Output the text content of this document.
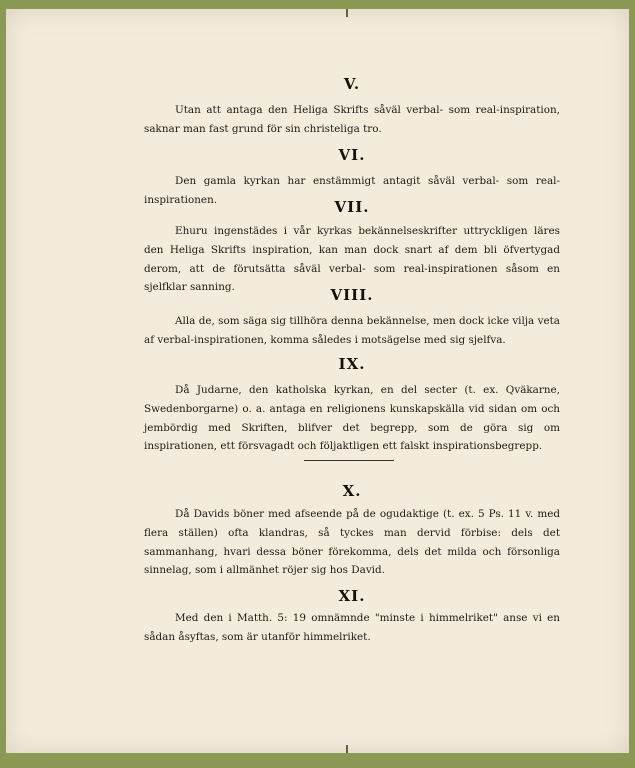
V.
Utan att antaga den Heliga Skrifts såväl verbal- som real-inspiration, saknar man fast grund för sin christeliga tro.
VI.
Den gamla kyrkan har enstämmigt antagit såväl verbal- som real-inspirationen.	VII.
Ehuru ingenstädes i vår kyrkas bekännelseskrifter uttryckligen läres den Heliga Skrifts inspiration, kan man dock snart af dem bli öfvertygad derom, att de förutsätta såväl verbal- som real-inspirationen såsom en sjelfklar sanning.	VIII.
Alla de, som säga sig tillhöra denna bekännelse, men dock icke vilja veta af verbal-inspirationen, komma således i motsägelse med sig sjelfva.
IX.
Då Judarne, den katholska kyrkan, en del secter (t. ex. Qväkarne, Swedenborgarne) o. a. antaga en religionens kunskapskälla vid sidan om och jembördig med Skriften, blifver det begrepp, som de göra sig om inspirationen, ett försvagadt och följaktligen ett falskt inspirationsbegrepp.
X.
Då Davids böner med afseende på de ogudaktige (t. ex. 5 Ps. 11 v. med flera ställen) ofta klandras, så tyckes man dervid förbise: dels det sammanhang, hvari dessa böner förekomma, dels det milda och försonliga sinnelag, som i allmänhet röjer sig hos David.
XI.
Med den i Matth. 5: 19 omnämnde "minste i himmelriket" anse vi en sådan åsyftas, som är utanför himmelriket.
